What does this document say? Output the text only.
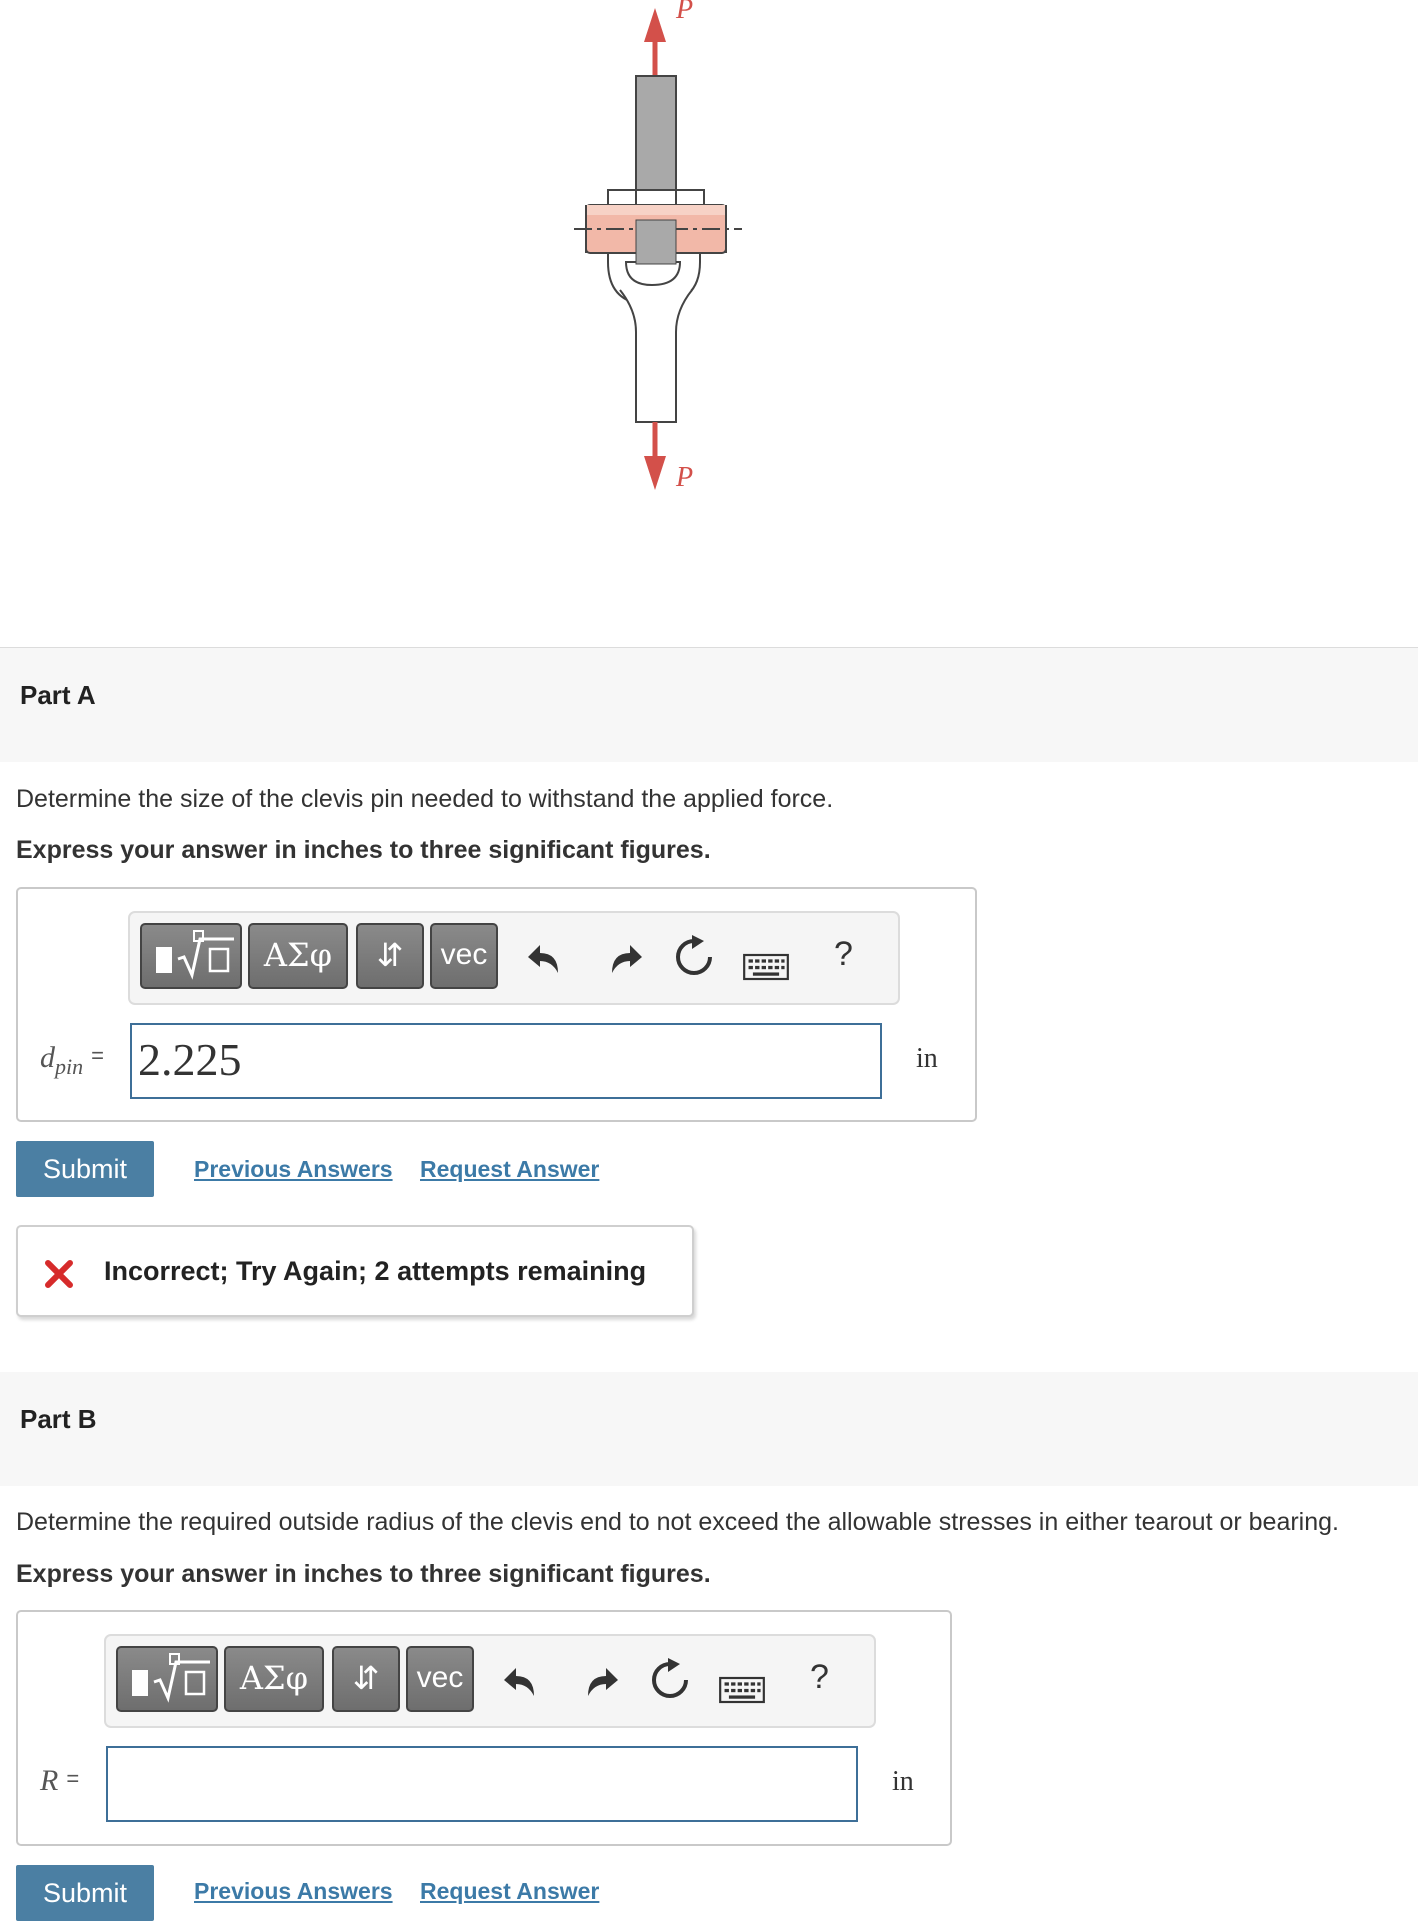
P
P
Part A
Determine the size of the clevis pin needed to withstand the applied force.
Express your answer in inches to three significant figures.
ΑΣφ	⇵	vec	?
$d_{pin} = 2.225$	in
Submit	Previous Answers Request Answer
Incorrect; Try Again; 2 attempts remaining
Part B
Determine the required outside radius of the clevis end to not exceed the allowable stresses in either tearout or bearing.
Express your answer in inches to three significant figures.
ΑΣφ	⇵	vec	?
R =	in
Submit	Previous Answers Request Answer
